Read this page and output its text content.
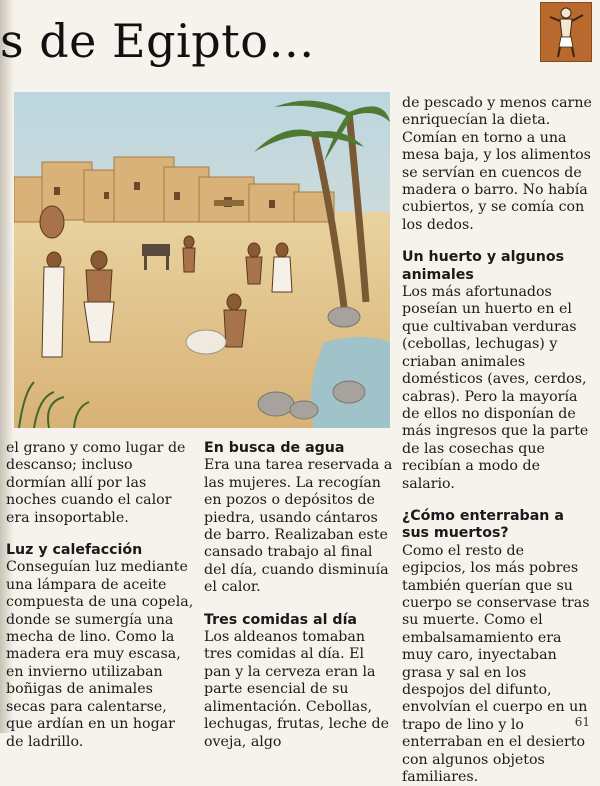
s de Egipto…

el grano y como lugar de descanso; incluso dormían allí por las noches cuando el calor era insoportable.

Luz y calefacción

Conseguían luz mediante una lámpara de aceite compuesta de una copela, donde se sumergía una mecha de lino. Como la madera era muy escasa, en invierno utilizaban boñigas de animales secas para calentarse, que ardían en un hogar de ladrillo.

En busca de agua

Era una tarea reservada a las mujeres. La recogían en pozos o depósitos de piedra, usando cántaros de barro. Realizaban este cansado trabajo al final del día, cuando disminuía el calor.

Tres comidas al día

Los aldeanos tomaban tres comidas al día. El pan y la cerveza eran la parte esencial de su alimentación. Cebollas, lechugas, frutas, leche de oveja, algo

de pescado y menos carne enriquecían la dieta. Comían en torno a una mesa baja, y los alimentos se servían en cuencos de madera o barro. No había cubiertos, y se comía con los dedos.

Un huerto y algunos animales

Los más afortunados poseían un huerto en el que cultivaban verduras (cebollas, lechugas) y criaban animales domésticos (aves, cerdos, cabras). Pero la mayoría de ellos no disponían de más ingresos que la parte de las cosechas que recibían a modo de salario.

¿Cómo enterraban a sus muertos?

Como el resto de egipcios, los más pobres también querían que su cuerpo se conservase tras su muerte. Como el embalsamamiento era muy caro, inyectaban grasa y sal en los despojos del difunto, envolvían el cuerpo en un trapo de lino y lo enterraban en el desierto con algunos objetos familiares.

61
